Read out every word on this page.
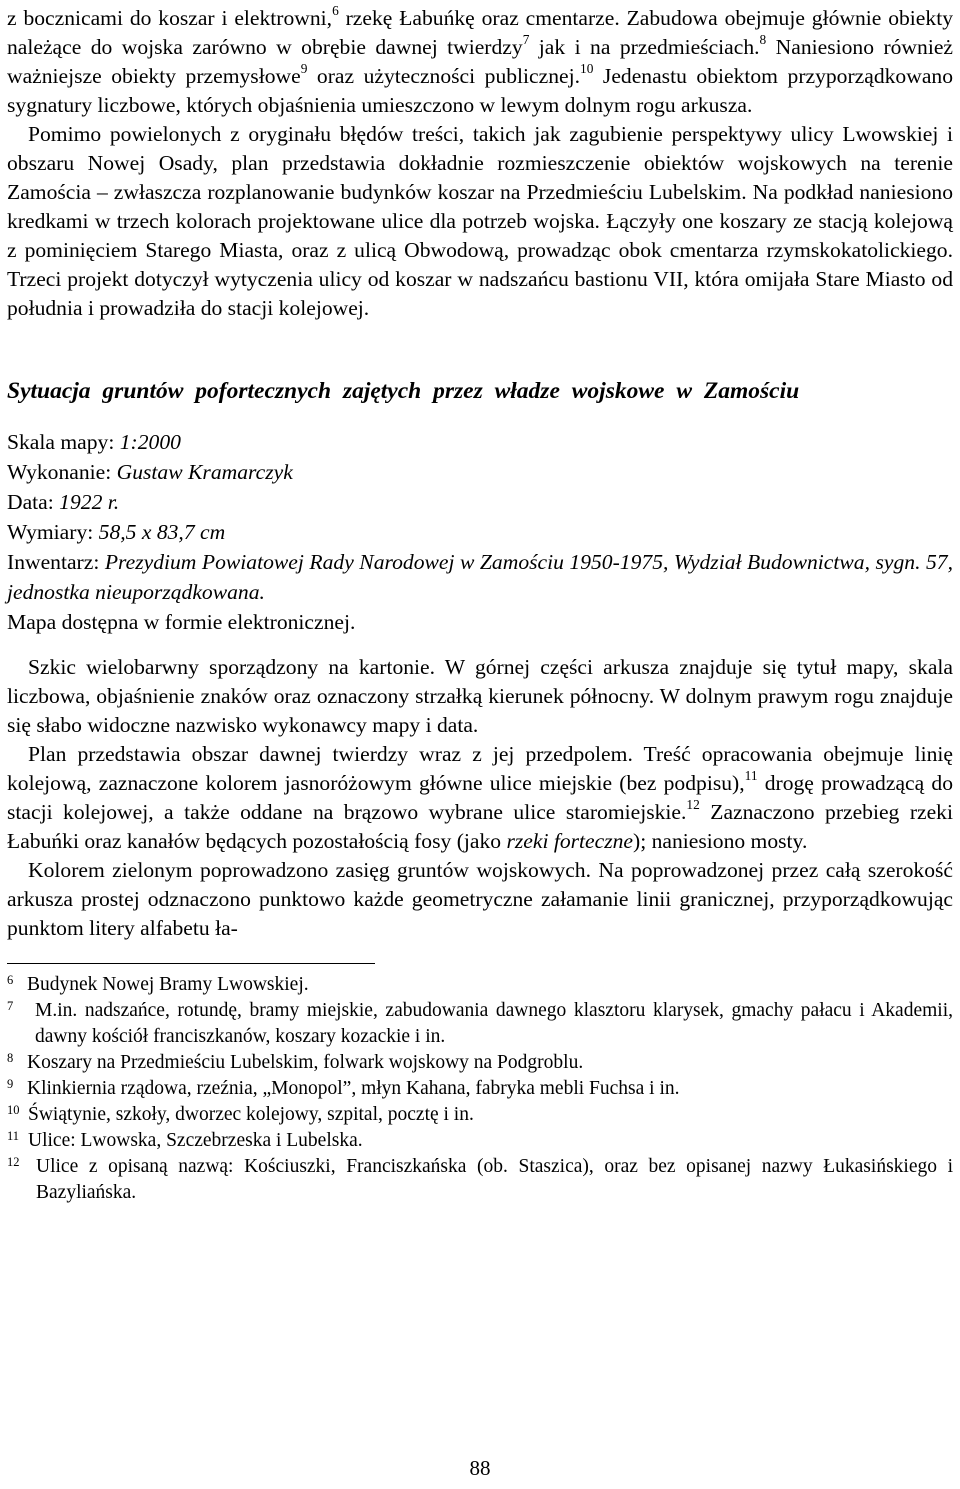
z bocznicami do koszar i elektrowni,$^6$ rzekę Łabuńkę oraz cmentarze. Zabudowa obejmuje głównie obiekty należące do wojska zarówno w obrębie dawnej twierdzy$^7$ jak i na przedmieściach.$^8$ Naniesiono również ważniejsze obiekty przemysłowe$^9$ oraz użyteczności publicznej.$^{10}$ Jedenastu obiektom przyporządkowano sygnatury liczbowe, których objaśnienia umieszczono w lewym dolnym rogu arkusza.

Pomimo powielonych z oryginału błędów treści, takich jak zagubienie perspektywy ulicy Lwowskiej i obszaru Nowej Osady, plan przedstawia dokładnie rozmieszczenie obiektów wojskowych na terenie Zamościa – zwłaszcza rozplanowanie budynków koszar na Przedmieściu Lubelskim. Na podkład naniesiono kredkami w trzech kolorach projektowane ulice dla potrzeb wojska. Łączyły one koszary ze stacją kolejową z pominięciem Starego Miasta, oraz z ulicą Obwodową, prowadząc obok cmentarza rzymskokatolickiego. Trzeci projekt dotyczył wytyczenia ulicy od koszar w nadszańcu bastionu VII, która omijała Stare Miasto od południa i prowadziła do stacji kolejowej.

Sytuacja gruntów pofortecznych zajętych przez władze wojskowe w Zamościu

Skala mapy: 1:2000

Wykonanie: Gustaw Kramarczyk

Data: 1922 r.

Wymiary: 58,5 x 83,7 cm

Inwentarz: Prezydium Powiatowej Rady Narodowej w Zamościu 1950-1975, Wydział Budownictwa, sygn. 57, jednostka nieuporządkowana.

Mapa dostępna w formie elektronicznej.

Szkic wielobarwny sporządzony na kartonie. W górnej części arkusza znajduje się tytuł mapy, skala liczbowa, objaśnienie znaków oraz oznaczony strzałką kierunek północny. W dolnym prawym rogu znajduje się słabo widoczne nazwisko wykonawcy mapy i data.

Plan przedstawia obszar dawnej twierdzy wraz z jej przedpolem. Treść opracowania obejmuje linię kolejową, zaznaczone kolorem jasnoróżowym główne ulice miejskie (bez podpisu),$^{11}$ drogę prowadzącą do stacji kolejowej, a także oddane na brązowo wybrane ulice staromiejskie.$^{12}$ Zaznaczono przebieg rzeki Łabuńki oraz kanałów będących pozostałością fosy (jako rzeki forteczne); naniesiono mosty.

Kolorem zielonym poprowadzono zasięg gruntów wojskowych. Na poprowadzonej przez całą szerokość arkusza prostej odznaczono punktowo każde geometryczne załamanie linii granicznej, przyporządkowując punktom litery alfabetu ła-

6 Budynek Nowej Bramy Lwowskiej.
7	M.in. nadszańce, rotundę, bramy miejskie, zabudowania dawnego klasztoru klarysek, gmachy pałacu i Akademii, dawny kościół franciszkanów, koszary kozackie i in.
8 Koszary na Przedmieściu Lubelskim, folwark wojskowy na Podgroblu.
9 Klinkiernia rządowa, rzeźnia, „Monopol”, młyn Kahana, fabryka mebli Fuchsa i in.
10 Świątynie, szkoły, dworzec kolejowy, szpital, pocztę i in.
11 Ulice: Lwowska, Szczebrzeska i Lubelska.
12 Ulice z opisaną nazwą: Kościuszki, Franciszkańska (ob. Staszica), oraz bez opisanej nazwy Łukasińskiego i Bazyliańska.
88
